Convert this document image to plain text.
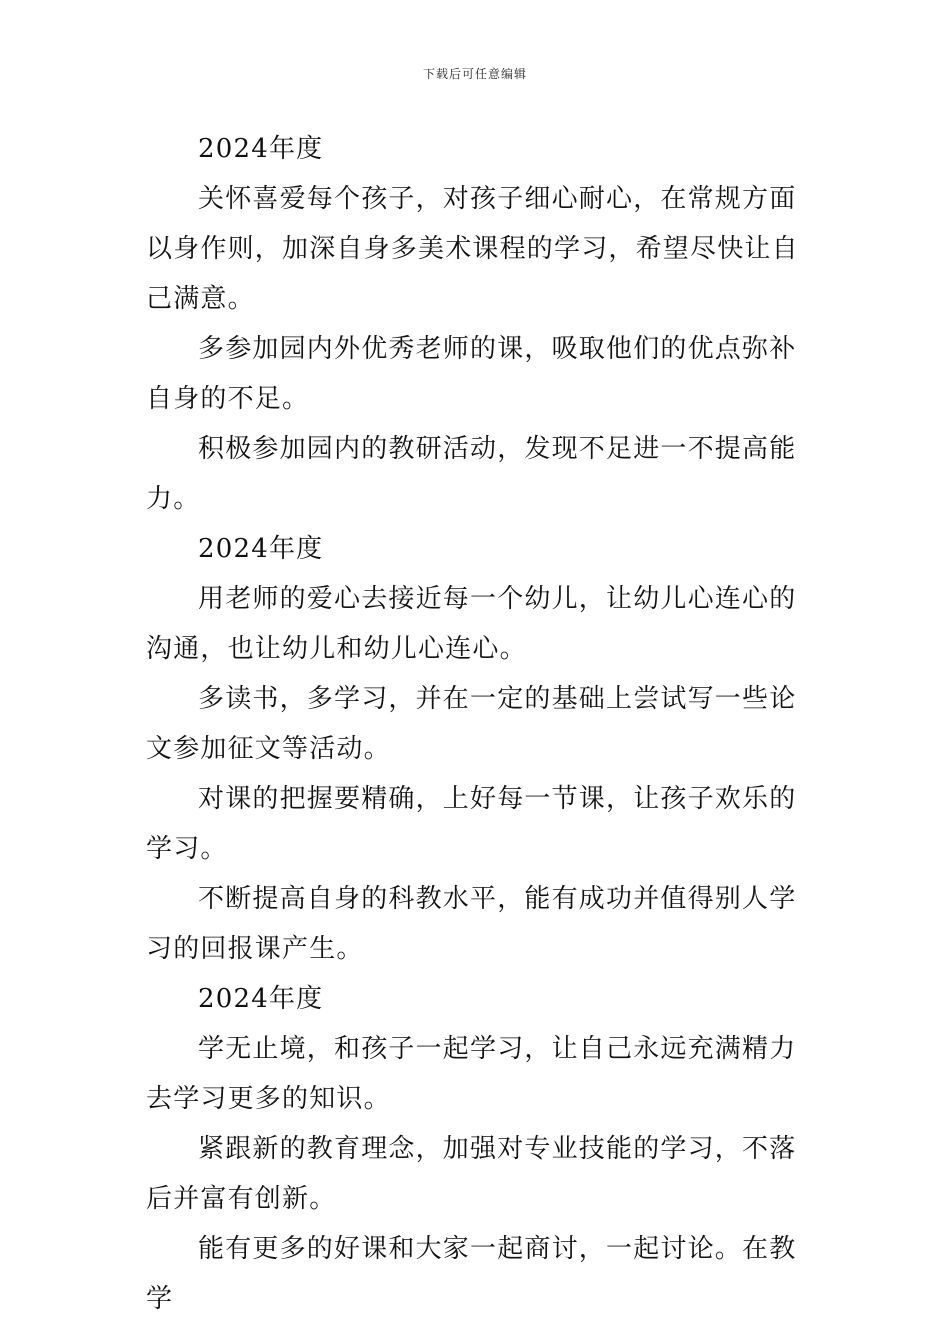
下载后可任意编辑

2024年度

关怀喜爱每个孩子，对孩子细心耐心，在常规方面以身作则，加深自身多美术课程的学习，希望尽快让自己满意。

多参加园内外优秀老师的课，吸取他们的优点弥补自身的不足。

积极参加园内的教研活动，发现不足进一不提高能力。

2024年度

用老师的爱心去接近每一个幼儿，让幼儿心连心的沟通，也让幼儿和幼儿心连心。

多读书，多学习，并在一定的基础上尝试写一些论文参加征文等活动。

对课的把握要精确，上好每一节课，让孩子欢乐的学习。

不断提高自身的科教水平，能有成功并值得别人学习的回报课产生。

2024年度

学无止境，和孩子一起学习，让自己永远充满精力去学习更多的知识。

紧跟新的教育理念，加强对专业技能的学习，不落后并富有创新。

能有更多的好课和大家一起商讨，一起讨论。在教学
